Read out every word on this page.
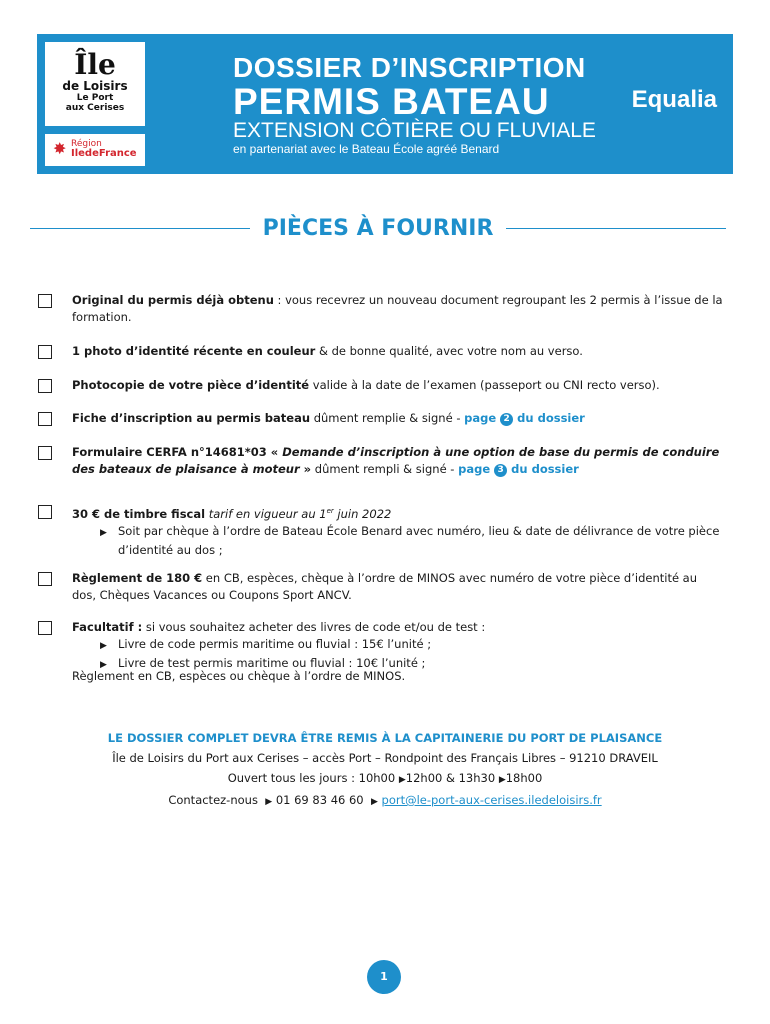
Île
de Loisirs
Le Port
aux Cerises
✸ Région
IledeFrance
DOSSIER D’INSCRIPTION
PERMIS BATEAU
EXTENSION CÔTIÈRE OU FLUVIALE
en partenariat avec le Bateau École agréé Benard
Equalia
PIÈCES À FOURNIR
Original du permis déjà obtenu : vous recevrez un nouveau document regroupant les 2 permis à l’issue de la formation.
1 photo d’identité récente en couleur & de bonne qualité, avec votre nom au verso.
Photocopie de votre pièce d’identité valide à la date de l’examen (passeport ou CNI recto verso).
Fiche d’inscription au permis bateau dûment remplie & signé - page 2 du dossier
Formulaire CERFA n°14681*03 « Demande d’inscription à une option de base du permis de conduire des bateaux de plaisance à moteur » dûment rempli & signé - page 3 du dossier
30 € de timbre fiscal tarif en vigueur au 1er juin 2022
▶ Soit par chèque à l’ordre de Bateau École Benard avec numéro, lieu & date de délivrance de votre pièce d’identité au dos ;
Règlement de 180 € en CB, espèces, chèque à l’ordre de MINOS avec numéro de votre pièce d’identité au dos, Chèques Vacances ou Coupons Sport ANCV.
Facultatif : si vous souhaitez acheter des livres de code et/ou de test :
▶ Livre de code permis maritime ou fluvial : 15€ l’unité ;
▶ Livre de test permis maritime ou fluvial : 10€ l’unité ;
Règlement en CB, espèces ou chèque à l’ordre de MINOS.
LE DOSSIER COMPLET DEVRA ÊTRE REMIS À LA CAPITAINERIE DU PORT DE PLAISANCE
Île de Loisirs du Port aux Cerises – accès Port – Rondpoint des Français Libres – 91210 DRAVEIL
Ouvert tous les jours : 10h00 ▶12h00 & 13h30 ▶18h00
Contactez-nous ▶ 01 69 83 46 60 ▶ port@le-port-aux-cerises.iledeloisirs.fr
1
